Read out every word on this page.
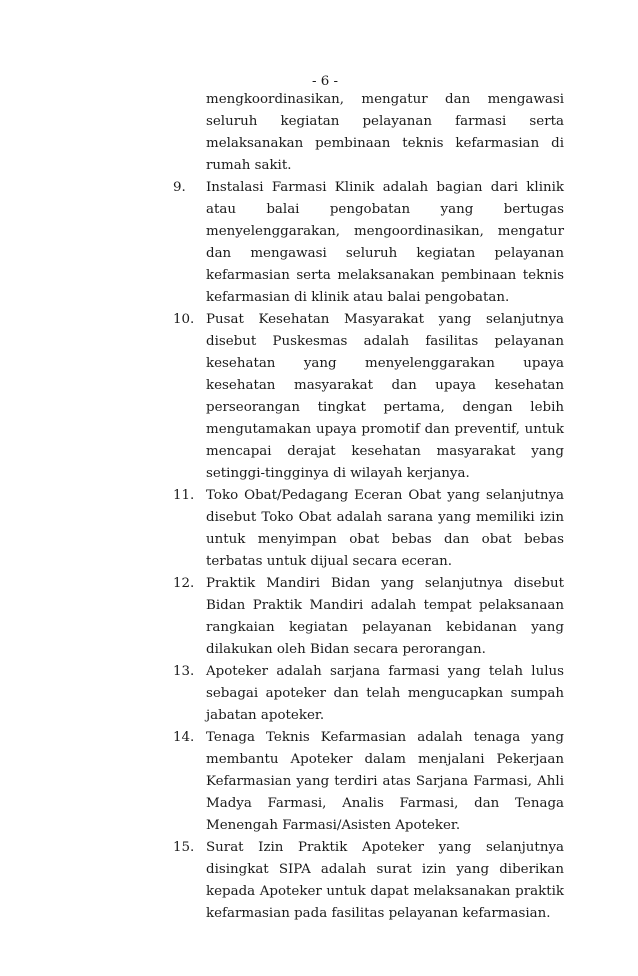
- 6 -

mengkoordinasikan, mengatur dan mengawasi seluruh kegiatan pelayanan farmasi serta melaksanakan pembinaan teknis kefarmasian di rumah sakit.

9. Instalasi Farmasi Klinik adalah bagian dari klinik atau balai pengobatan yang bertugas menyelenggarakan, mengoordinasikan, mengatur dan mengawasi seluruh kegiatan pelayanan kefarmasian serta melaksanakan pembinaan teknis kefarmasian di klinik atau balai pengobatan.
10. Pusat Kesehatan Masyarakat yang selanjutnya disebut Puskesmas adalah fasilitas pelayanan kesehatan yang menyelenggarakan upaya kesehatan masyarakat dan upaya kesehatan perseorangan tingkat pertama, dengan lebih mengutamakan upaya promotif dan preventif, untuk mencapai derajat kesehatan masyarakat yang setinggi-tingginya di wilayah kerjanya.
11. Toko Obat/Pedagang Eceran Obat yang selanjutnya disebut Toko Obat adalah sarana yang memiliki izin untuk menyimpan obat bebas dan obat bebas terbatas untuk dijual secara eceran.
12. Praktik Mandiri Bidan yang selanjutnya disebut Bidan Praktik Mandiri adalah tempat pelaksanaan rangkaian kegiatan pelayanan kebidanan yang dilakukan oleh Bidan secara perorangan.
13. Apoteker adalah sarjana farmasi yang telah lulus sebagai apoteker dan telah mengucapkan sumpah jabatan apoteker.
14. Tenaga Teknis Kefarmasian adalah tenaga yang membantu Apoteker dalam menjalani Pekerjaan Kefarmasian yang terdiri atas Sarjana Farmasi, Ahli Madya Farmasi, Analis Farmasi, dan Tenaga Menengah Farmasi/Asisten Apoteker.
15. Surat Izin Praktik Apoteker yang selanjutnya disingkat SIPA adalah surat izin yang diberikan kepada Apoteker untuk dapat melaksanakan praktik kefarmasian pada fasilitas pelayanan kefarmasian.
